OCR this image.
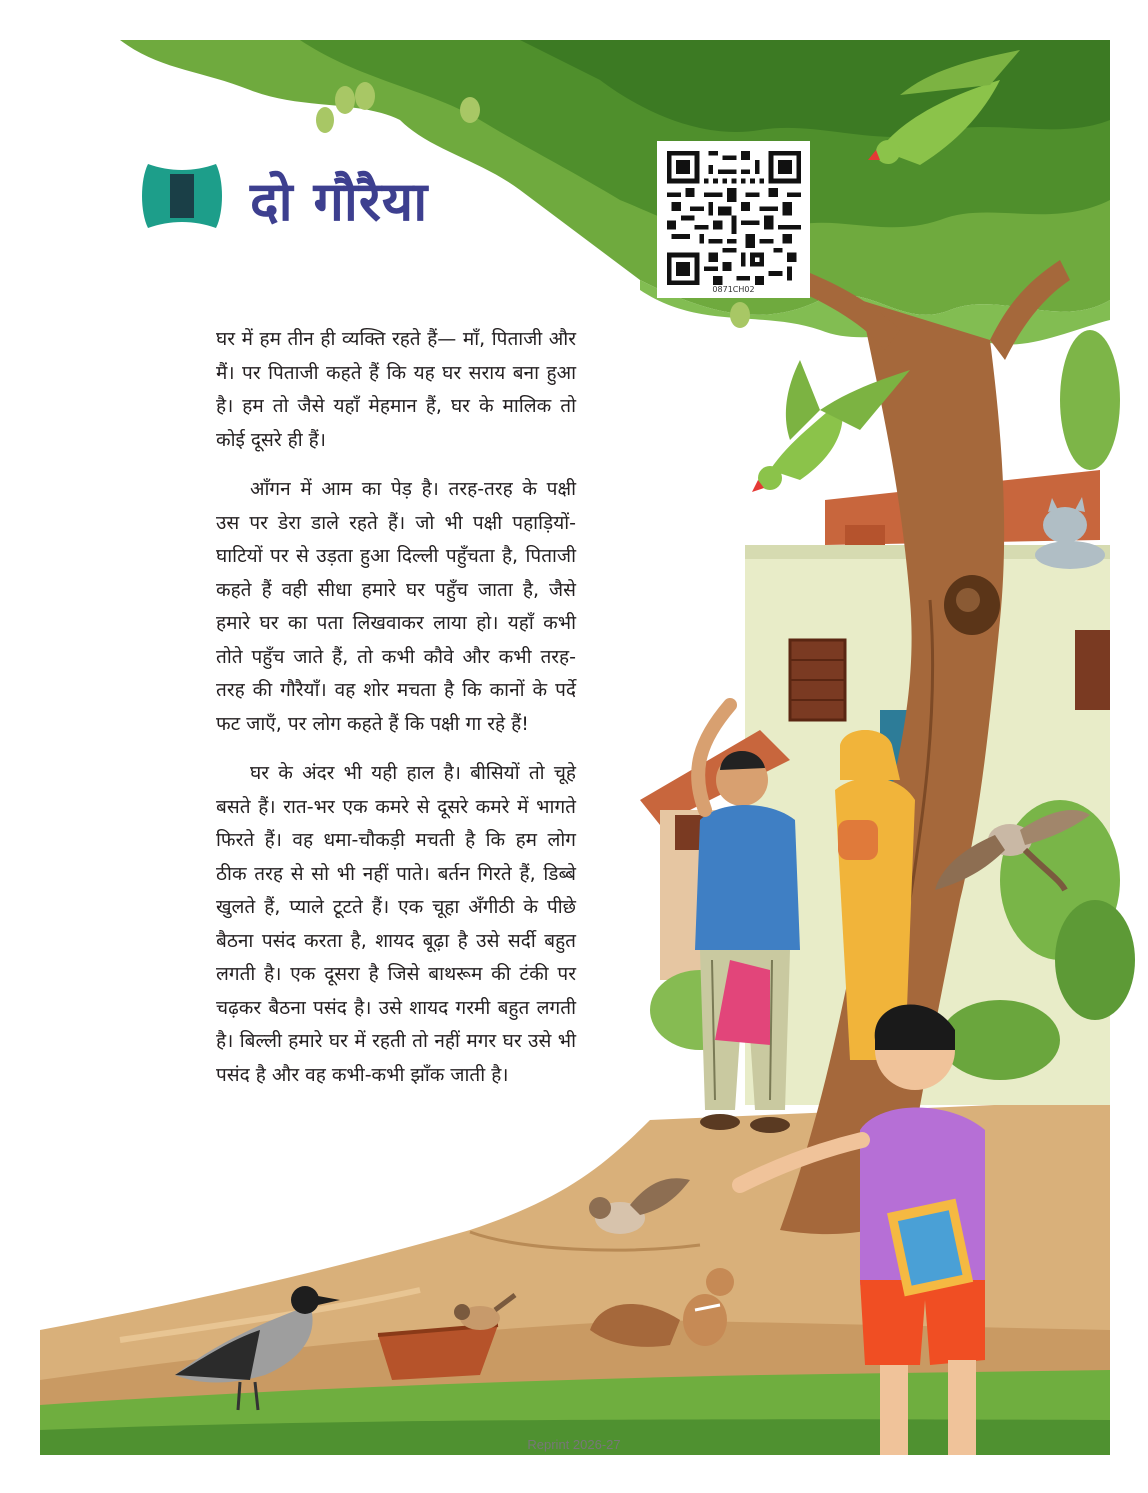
दो गौरैया
0871CH02

घर में हम तीन ही व्यक्ति रहते हैं— माँ, पिताजी और मैं। पर पिताजी कहते हैं कि यह घर सराय बना हुआ है। हम तो जैसे यहाँ मेहमान हैं, घर के मालिक तो कोई दूसरे ही हैं।

आँगन में आम का पेड़ है। तरह-तरह के पक्षी उस पर डेरा डाले रहते हैं। जो भी पक्षी पहाड़ियों-घाटियों पर से उड़ता हुआ दिल्ली पहुँचता है, पिताजी कहते हैं वही सीधा हमारे घर पहुँच जाता है, जैसे हमारे घर का पता लिखवाकर लाया हो। यहाँ कभी तोते पहुँच जाते हैं, तो कभी कौवे और कभी तरह-तरह की गौरैयाँ। वह शोर मचता है कि कानों के पर्दे फट जाएँ, पर लोग कहते हैं कि पक्षी गा रहे हैं!

घर के अंदर भी यही हाल है। बीसियों तो चूहे बसते हैं। रात-भर एक कमरे से दूसरे कमरे में भागते फिरते हैं। वह धमा-चौकड़ी मचती है कि हम लोग ठीक तरह से सो भी नहीं पाते। बर्तन गिरते हैं, डिब्बे खुलते हैं, प्याले टूटते हैं। एक चूहा अँगीठी के पीछे बैठना पसंद करता है, शायद बूढ़ा है उसे सर्दी बहुत लगती है। एक दूसरा है जिसे बाथरूम की टंकी पर चढ़कर बैठना पसंद है। उसे शायद गरमी बहुत लगती है। बिल्ली हमारे घर में रहती तो नहीं मगर घर उसे भी पसंद है और वह कभी-कभी झाँक जाती है।

Reprint 2026-27
